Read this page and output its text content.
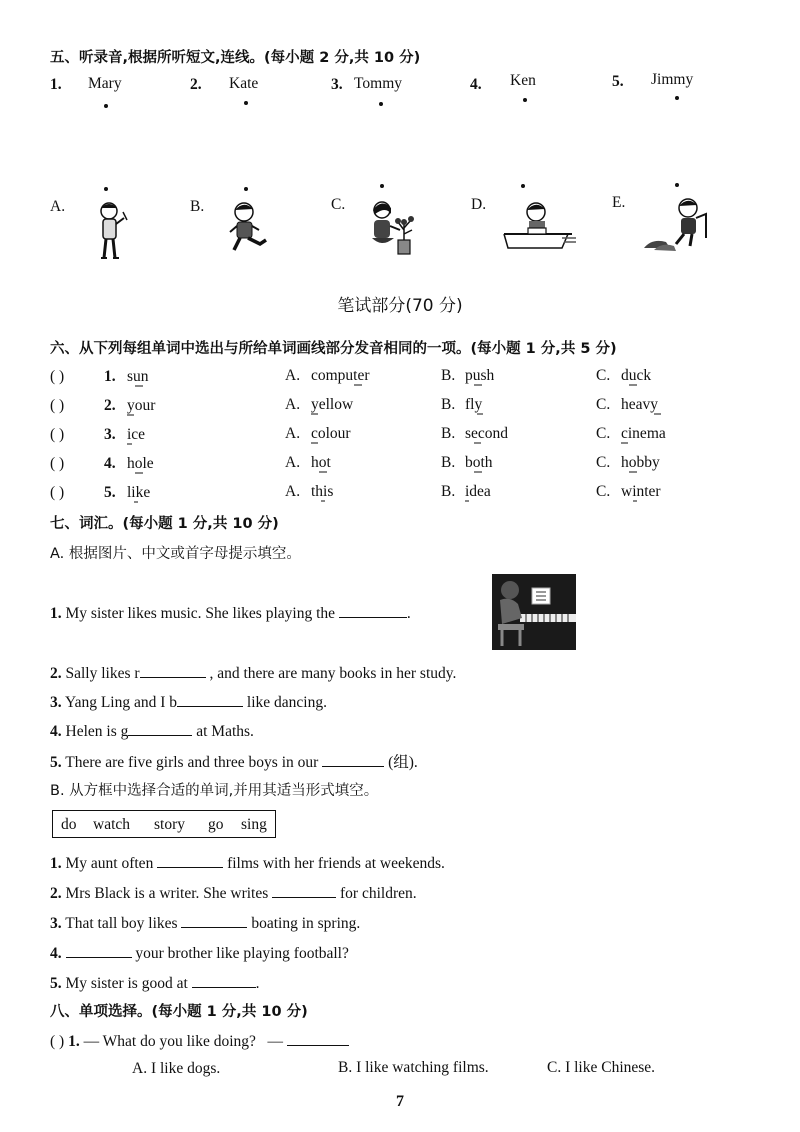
五、听录音,根据所听短文,连线。(每小题 2 分,共 10 分)
1. Mary	2. Kate	3. Tommy	4. Ken	5. Jimmy
A.	B.	C.	D.	E.
笔试部分(70 分)
六、从下列每组单词中选出与所给单词画线部分发音相同的一项。(每小题 1 分,共 5 分)
( )	1. sun	A. computer	B. push	C. duck
( )	2. your	A. yellow	B. fly	C. heavy
( )	3. ice	A. colour	B. second	C. cinema
( )	4. hole	A. hot	B. both	C. hobby
( )	5. like	A. this	B. idea	C. winter
七、词汇。(每小题 1 分,共 10 分)
A. 根据图片、中文或首字母提示填空。
1. My sister likes music. She likes playing the	.
2. Sally likes r	, and there are many books in her study.
3. Yang Ling and I b	like dancing.
4. Helen is g	at Maths.
5. There are five girls and three boys in our	(组).
B. 从方框中选择合适的单词,并用其适当形式填空。
do watch story go sing
1. My aunt often	films with her friends at weekends.
2. Mrs Black is a writer. She writes	for children.
3. That tall boy likes	boating in spring.
4.	your brother like playing football?
5. My sister is good at	.
八、单项选择。(每小题 1 分,共 10 分)
( ) 1. — What do you like doing? —
A. I like dogs.	B. I like watching films.	C. I like Chinese.
7
